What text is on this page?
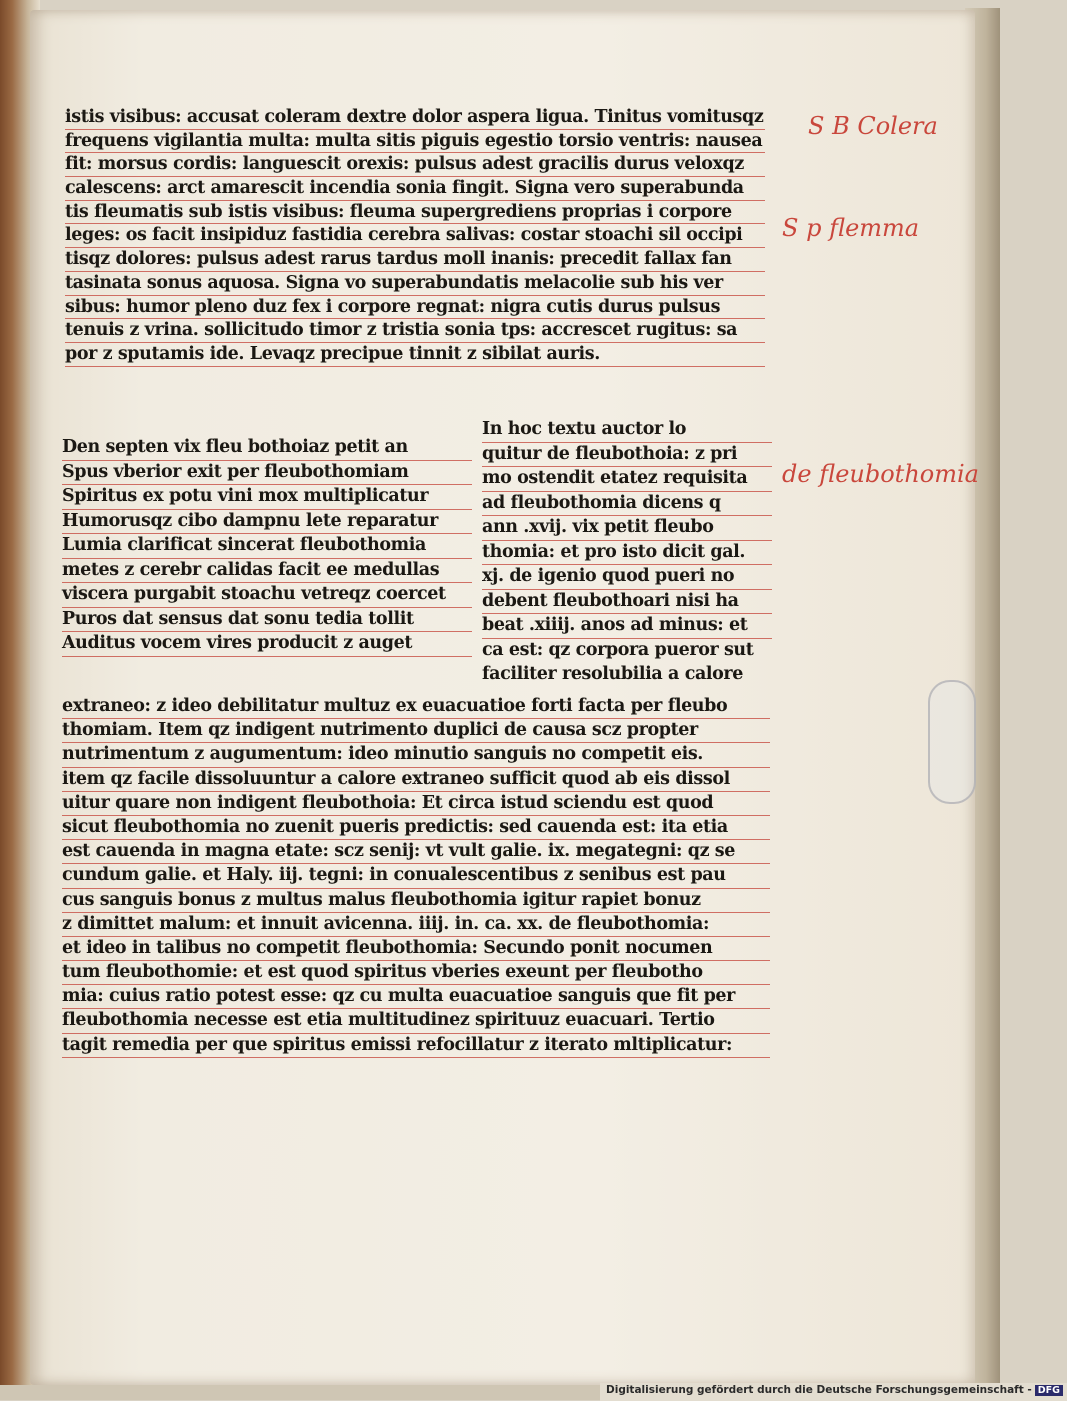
istis visibus: accusat coleram dextre dolor aspera ligua. Tinitus vomitusqz
frequens vigilantia multa: multa sitis piguis egestio torsio ventris: nausea
fit: morsus cordis: languescit orexis: pulsus adest gracilis durus veloxqz
calescens: arct amarescit incendia sonia fingit. Signa vero superabunda
tis fleumatis sub istis visibus: fleuma supergrediens proprias i corpore
leges: os facit insipiduz fastidia cerebra salivas: costar stoachi sil occipi
tisqz dolores: pulsus adest rarus tardus moll inanis: precedit fallax fan
tasinata sonus aquosa. Signa vo superabundatis melacolie sub his ver
sibus: humor pleno duz fex i corpore regnat: nigra cutis durus pulsus
tenuis z vrina. sollicitudo timor z tristia sonia tps: accrescet rugitus: sa
por z sputamis ide. Levaqz precipue tinnit z sibilat auris.
Den septen vix fleu bothoiaz petit an
Spus vberior exit per fleubothomiam
Spiritus ex potu vini mox multiplicatur
Humorusqz cibo dampnu lete reparatur
Lumia clarificat sincerat fleubothomia
metes z cerebr calidas facit ee medullas
viscera purgabit stoachu vetreqz coercet
Puros dat sensus dat sonu tedia tollit
Auditus vocem vires producit z auget
In hoc textu auctor lo
quitur de fleubothoia: z pri
mo ostendit etatez requisita
ad fleubothomia dicens q
ann .xvij. vix petit fleubo
thomia: et pro isto dicit gal.
xj. de igenio quod pueri no
debent fleubothoari nisi ha
beat .xiiij. anos ad minus: et
ca est: qz corpora pueror sut
faciliter resolubilia a calore
extraneo: z ideo debilitatur multuz ex euacuatioe forti facta per fleubo
thomiam. Item qz indigent nutrimento duplici de causa scz propter
nutrimentum z augumentum: ideo minutio sanguis no competit eis.
item qz facile dissoluuntur a calore extraneo sufficit quod ab eis dissol
uitur quare non indigent fleubothoia: Et circa istud sciendu est quod
sicut fleubothomia no zuenit pueris predictis: sed cauenda est: ita etia
est cauenda in magna etate: scz senij: vt vult galie. ix. megategni: qz se
cundum galie. et Haly. iij. tegni: in conualescentibus z senibus est pau
cus sanguis bonus z multus malus fleubothomia igitur rapiet bonuz
z dimittet malum: et innuit avicenna. iiij. in. ca. xx. de fleubothomia:
et ideo in talibus no competit fleubothomia: Secundo ponit nocumen
tum fleubothomie: et est quod spiritus vberies exeunt per fleubotho
mia: cuius ratio potest esse: qz cu multa euacuatioe sanguis que fit per
fleubothomia necesse est etia multitudinez spirituuz euacuari. Tertio
tagit remedia per que spiritus emissi refocillatur z iterato mltiplicatur:
S B Colera
S p flemma
de fleubothomia
Digitalisierung gefördert durch die Deutsche Forschungsgemeinschaft - DFG
